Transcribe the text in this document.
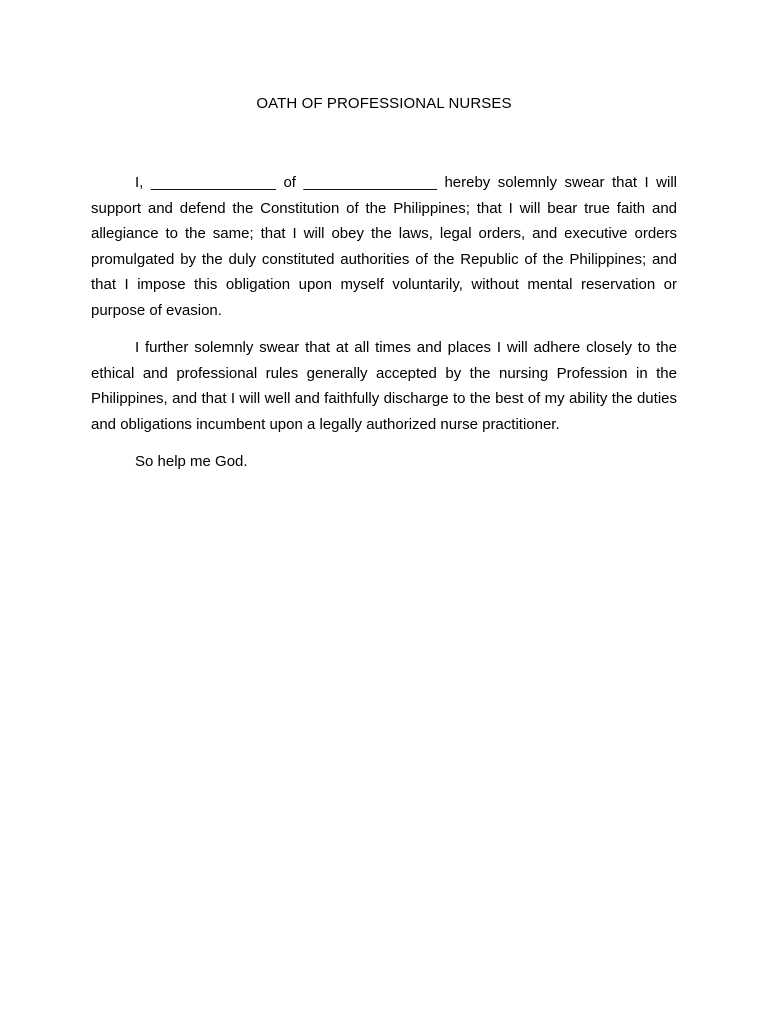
OATH OF PROFESSIONAL NURSES

I, _______________ of ________________ hereby solemnly swear that I will support and defend the Constitution of the Philippines; that I will bear true faith and allegiance to the same; that I will obey the laws, legal orders, and executive orders promulgated by the duly constituted authorities of the Republic of the Philippines; and that I impose this obligation upon myself voluntarily, without mental reservation or purpose of evasion.

I further solemnly swear that at all times and places I will adhere closely to the ethical and professional rules generally accepted by the nursing Profession in the Philippines, and that I will well and faithfully discharge to the best of my ability the duties and obligations incumbent upon a legally authorized nurse practitioner.

So help me God.
